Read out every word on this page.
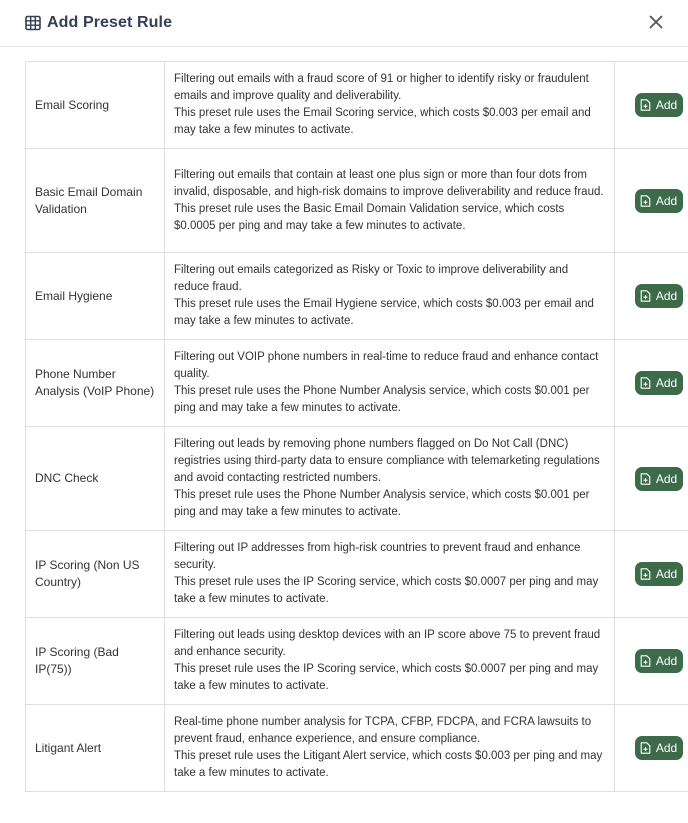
Add Preset Rule
Email Scoring	Filtering out emails with a fraud score of 91 or higher to identify risky or fraudulent emails and improve quality and deliverability.
This preset rule uses the Email Scoring service, which costs $0.003 per email and may take a few minutes to activate.	Add

Basic Email Domain Validation	Filtering out emails that contain at least one plus sign or more than four dots from invalid, disposable, and high-risk domains to improve deliverability and reduce fraud.
This preset rule uses the Basic Email Domain Validation service, which costs $0.0005 per ping and may take a few minutes to activate.	Add

Email Hygiene	Filtering out emails categorized as Risky or Toxic to improve deliverability and reduce fraud.
This preset rule uses the Email Hygiene service, which costs $0.003 per email and may take a few minutes to activate.	Add

Phone Number Analysis (VoIP Phone)	Filtering out VOIP phone numbers in real-time to reduce fraud and enhance contact quality.
This preset rule uses the Phone Number Analysis service, which costs $0.001 per ping and may take a few minutes to activate.	Add

DNC Check	Filtering out leads by removing phone numbers flagged on Do Not Call (DNC) registries using third-party data to ensure compliance with telemarketing regulations and avoid contacting restricted numbers.
This preset rule uses the Phone Number Analysis service, which costs $0.001 per ping and may take a few minutes to activate.	Add

IP Scoring (Non US Country)	Filtering out IP addresses from high-risk countries to prevent fraud and enhance security.
This preset rule uses the IP Scoring service, which costs $0.0007 per ping and may take a few minutes to activate.	Add

IP Scoring (Bad IP(75))	Filtering out leads using desktop devices with an IP score above 75 to prevent fraud and enhance security.
This preset rule uses the IP Scoring service, which costs $0.0007 per ping and may take a few minutes to activate.	Add

Litigant Alert	Real-time phone number analysis for TCPA, CFBP, FDCPA, and FCRA lawsuits to prevent fraud, enhance experience, and ensure compliance.
This preset rule uses the Litigant Alert service, which costs $0.003 per ping and may take a few minutes to activate.	Add
